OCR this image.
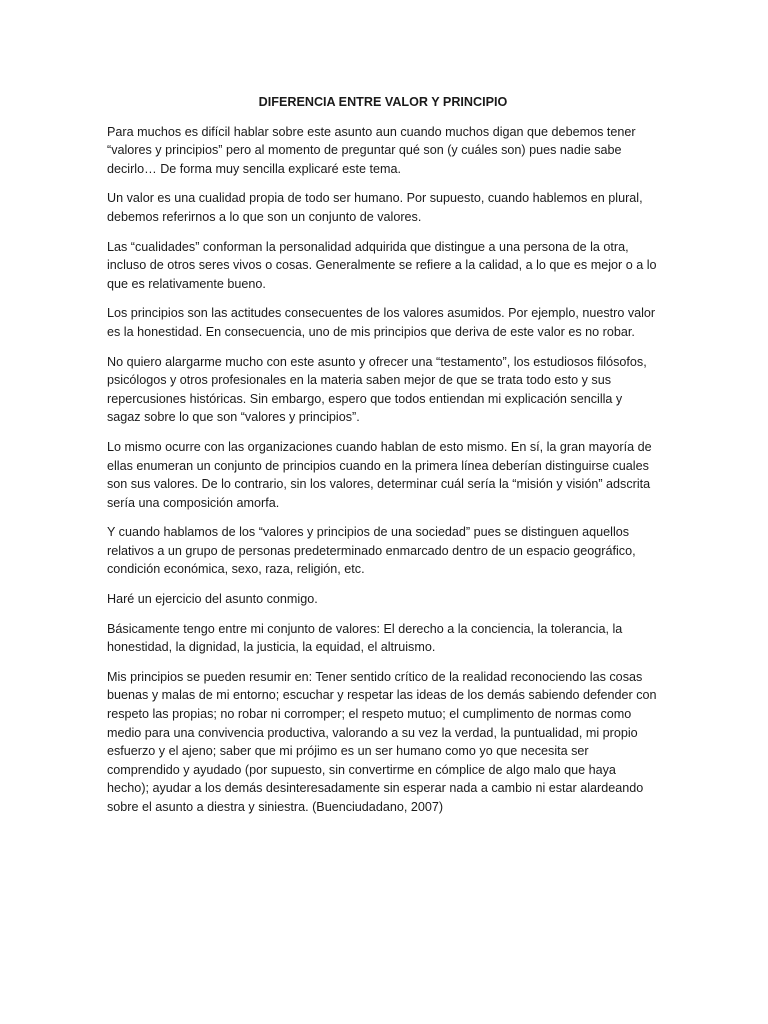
DIFERENCIA ENTRE VALOR Y PRINCIPIO

Para muchos es difícil hablar sobre este asunto aun cuando muchos digan que debemos tener “valores y principios” pero al momento de preguntar qué son (y cuáles son) pues nadie sabe decirlo… De forma muy sencilla explicaré este tema.

Un valor es una cualidad propia de todo ser humano. Por supuesto, cuando hablemos en plural, debemos referirnos a lo que son un conjunto de valores.

Las “cualidades” conforman la personalidad adquirida que distingue a una persona de la otra, incluso de otros seres vivos o cosas. Generalmente se refiere a la calidad, a lo que es mejor o a lo que es relativamente bueno.

Los principios son las actitudes consecuentes de los valores asumidos. Por ejemplo, nuestro valor es la honestidad. En consecuencia, uno de mis principios que deriva de este valor es no robar.

No quiero alargarme mucho con este asunto y ofrecer una “testamento”, los estudiosos filósofos, psicólogos y otros profesionales en la materia saben mejor de que se trata todo esto y sus repercusiones históricas. Sin embargo, espero que todos entiendan mi explicación sencilla y sagaz sobre lo que son “valores y principios”.

Lo mismo ocurre con las organizaciones cuando hablan de esto mismo. En sí, la gran mayoría de ellas enumeran un conjunto de principios cuando en la primera línea deberían distinguirse cuales son sus valores. De lo contrario, sin los valores, determinar cuál sería la “misión y visión” adscrita sería una composición amorfa.

Y cuando hablamos de los “valores y principios de una sociedad” pues se distinguen aquellos relativos a un grupo de personas predeterminado enmarcado dentro de un espacio geográfico, condición económica, sexo, raza, religión, etc.

Haré un ejercicio del asunto conmigo.

Básicamente tengo entre mi conjunto de valores: El derecho a la conciencia, la tolerancia, la honestidad, la dignidad, la justicia, la equidad, el altruismo.

Mis principios se pueden resumir en: Tener sentido crítico de la realidad reconociendo las cosas buenas y malas de mi entorno; escuchar y respetar las ideas de los demás sabiendo defender con respeto las propias; no robar ni corromper; el respeto mutuo; el cumplimento de normas como medio para una convivencia productiva, valorando a su vez la verdad, la puntualidad, mi propio esfuerzo y el ajeno; saber que mi prójimo es un ser humano como yo que necesita ser comprendido y ayudado (por supuesto, sin convertirme en cómplice de algo malo que haya hecho); ayudar a los demás desinteresadamente sin esperar nada a cambio ni estar alardeando sobre el asunto a diestra y siniestra. (Buenciudadano, 2007)
